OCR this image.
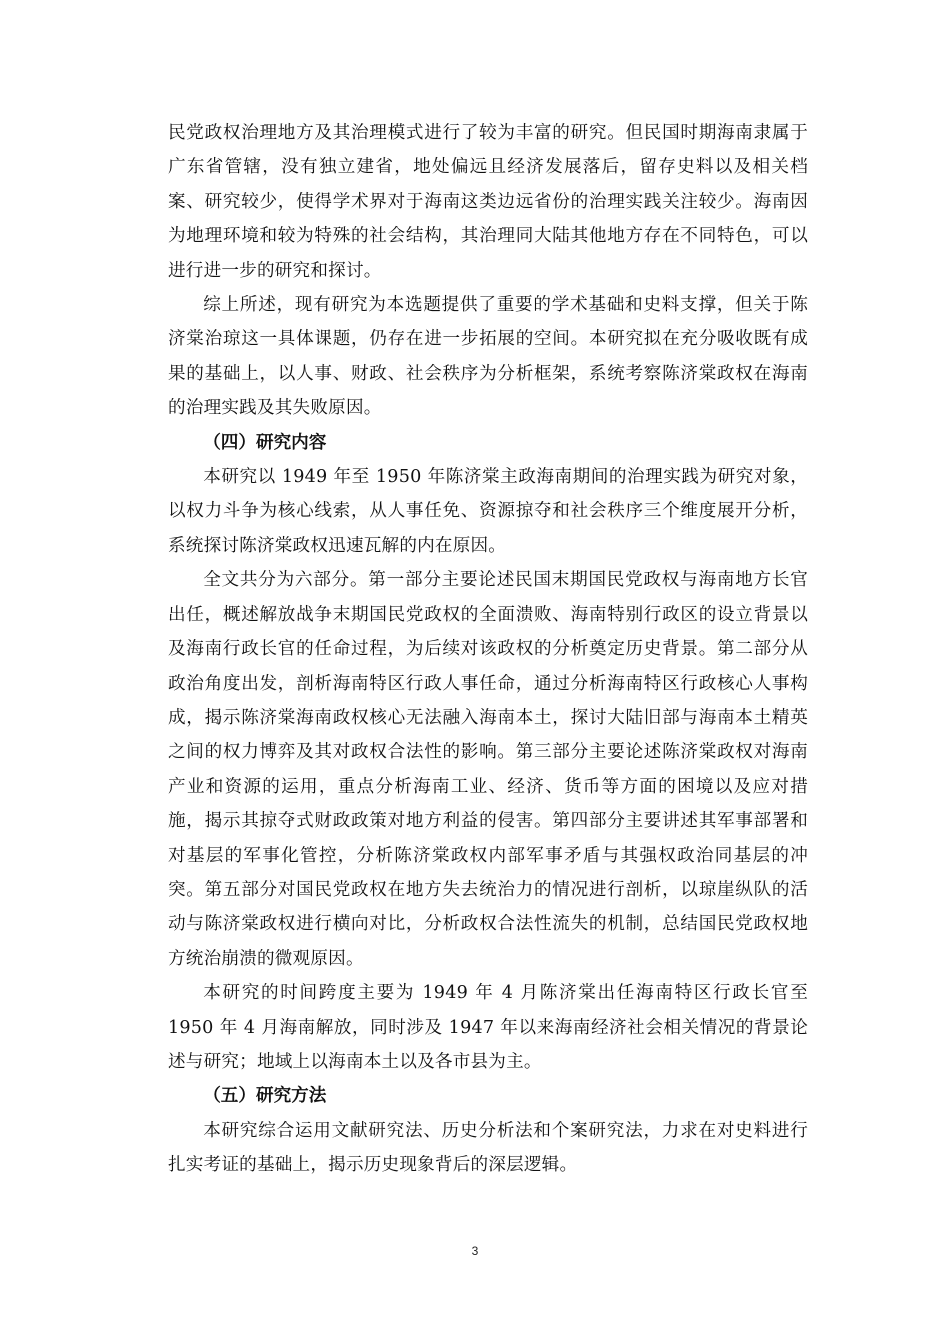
民党政权治理地方及其治理模式进行了较为丰富的研究。但民国时期海南隶属于广东省管辖，没有独立建省，地处偏远且经济发展落后，留存史料以及相关档案、研究较少，使得学术界对于海南这类边远省份的治理实践关注较少。海南因为地理环境和较为特殊的社会结构，其治理同大陆其他地方存在不同特色，可以进行进一步的研究和探讨。

综上所述，现有研究为本选题提供了重要的学术基础和史料支撑，但关于陈济棠治琼这一具体课题，仍存在进一步拓展的空间。本研究拟在充分吸收既有成果的基础上，以人事、财政、社会秩序为分析框架，系统考察陈济棠政权在海南的治理实践及其失败原因。

（四）研究内容

本研究以 1949 年至 1950 年陈济棠主政海南期间的治理实践为研究对象，以权力斗争为核心线索，从人事任免、资源掠夺和社会秩序三个维度展开分析，系统探讨陈济棠政权迅速瓦解的内在原因。

全文共分为六部分。第一部分主要论述民国末期国民党政权与海南地方长官出任，概述解放战争末期国民党政权的全面溃败、海南特别行政区的设立背景以及海南行政长官的任命过程，为后续对该政权的分析奠定历史背景。第二部分从政治角度出发，剖析海南特区行政人事任命，通过分析海南特区行政核心人事构成，揭示陈济棠海南政权核心无法融入海南本土，探讨大陆旧部与海南本土精英之间的权力博弈及其对政权合法性的影响。第三部分主要论述陈济棠政权对海南产业和资源的运用，重点分析海南工业、经济、货币等方面的困境以及应对措施，揭示其掠夺式财政政策对地方利益的侵害。第四部分主要讲述其军事部署和对基层的军事化管控，分析陈济棠政权内部军事矛盾与其强权政治同基层的冲突。第五部分对国民党政权在地方失去统治力的情况进行剖析，以琼崖纵队的活动与陈济棠政权进行横向对比，分析政权合法性流失的机制，总结国民党政权地方统治崩溃的微观原因。

本研究的时间跨度主要为 1949 年 4 月陈济棠出任海南特区行政长官至 1950 年 4 月海南解放，同时涉及 1947 年以来海南经济社会相关情况的背景论述与研究；地域上以海南本土以及各市县为主。

（五）研究方法

本研究综合运用文献研究法、历史分析法和个案研究法，力求在对史料进行扎实考证的基础上，揭示历史现象背后的深层逻辑。

3
